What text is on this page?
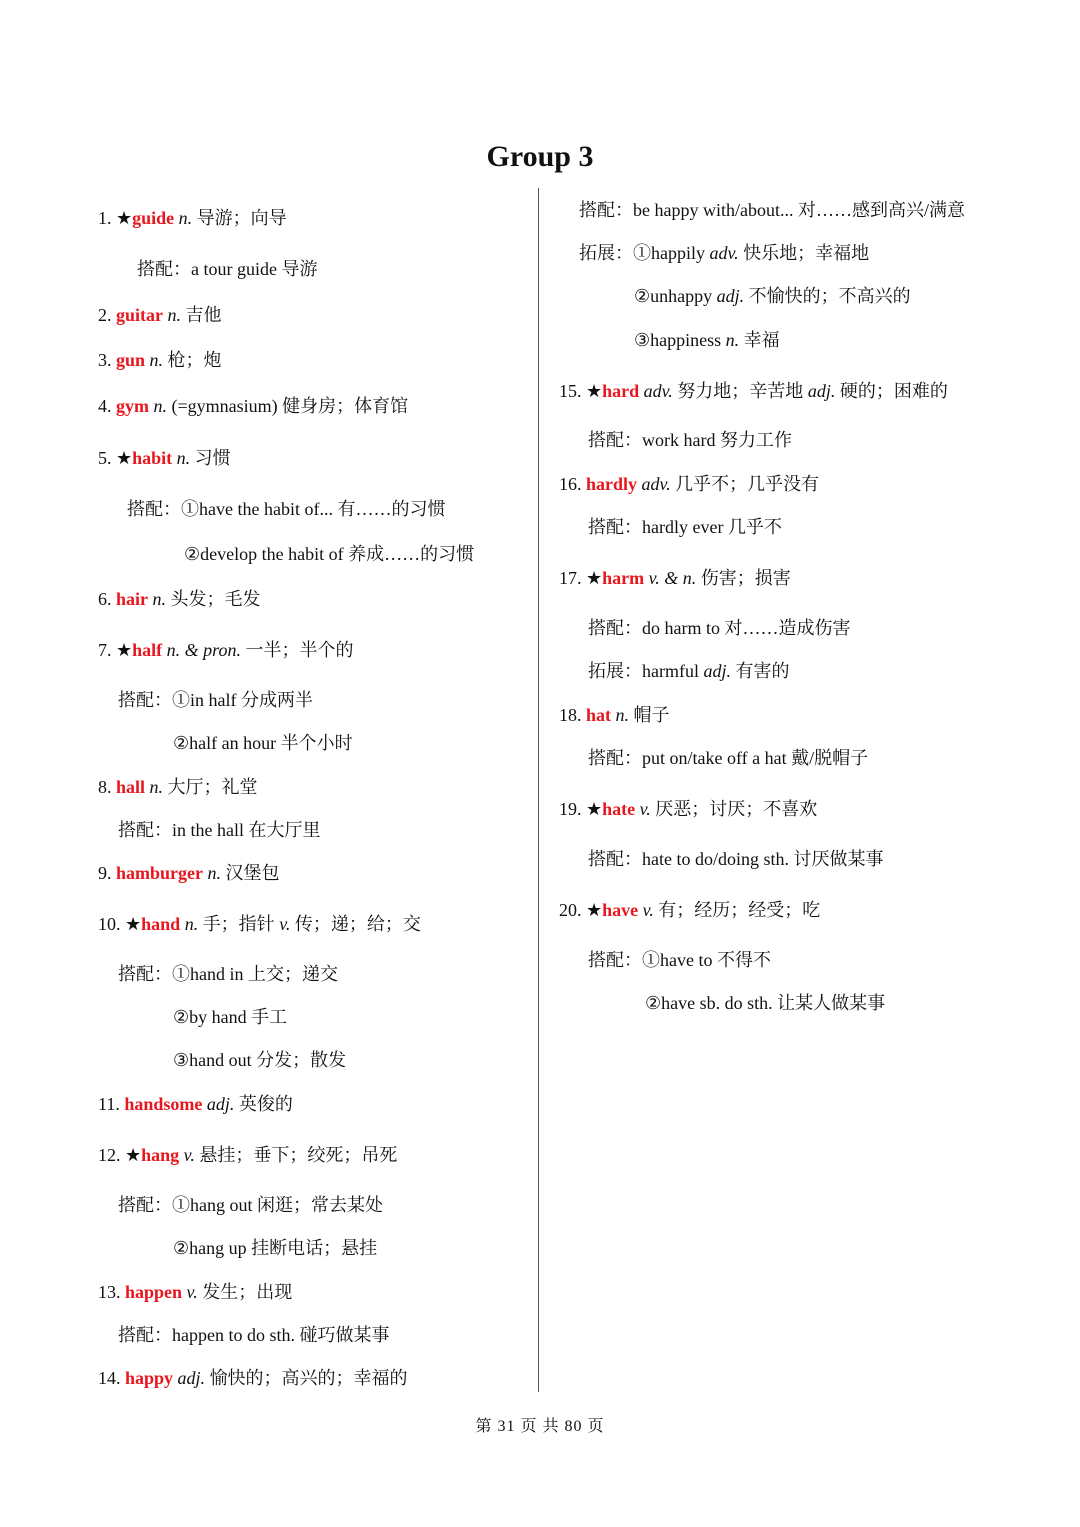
Group 3
1. ★guide n. 导游；向导
搭配：a tour guide 导游
2. guitar n. 吉他
3. gun n. 枪；炮
4. gym n. (=gymnasium) 健身房；体育馆
5. ★habit n. 习惯
搭配：①have the habit of... 有……的习惯
②develop the habit of 养成……的习惯
6. hair n. 头发；毛发
7. ★half n. & pron. 一半；半个的
搭配：①in half 分成两半
②half an hour 半个小时
8. hall n. 大厅；礼堂
搭配：in the hall 在大厅里
9. hamburger n. 汉堡包
10. ★hand n. 手；指针 v. 传；递；给；交
搭配：①hand in 上交；递交
②by hand 手工
③hand out 分发；散发
11. handsome adj. 英俊的
12. ★hang v. 悬挂；垂下；绞死；吊死
搭配：①hang out 闲逛；常去某处
②hang up 挂断电话；悬挂
13. happen v. 发生；出现
搭配：happen to do sth. 碰巧做某事
14. happy adj. 愉快的；高兴的；幸福的
搭配：be happy with/about... 对……感到高兴/满意
拓展：①happily adv. 快乐地；幸福地
②unhappy adj. 不愉快的；不高兴的
③happiness n. 幸福
15. ★hard adv. 努力地；辛苦地 adj. 硬的；困难的
搭配：work hard 努力工作
16. hardly adv. 几乎不；几乎没有
搭配：hardly ever 几乎不
17. ★harm v. & n. 伤害；损害
搭配：do harm to 对……造成伤害
拓展：harmful adj. 有害的
18. hat n. 帽子
搭配：put on/take off a hat 戴/脱帽子
19. ★hate v. 厌恶；讨厌；不喜欢
搭配：hate to do/doing sth. 讨厌做某事
20. ★have v. 有；经历；经受；吃
搭配：①have to 不得不
②have sb. do sth. 让某人做某事
第 31 页 共 80 页
